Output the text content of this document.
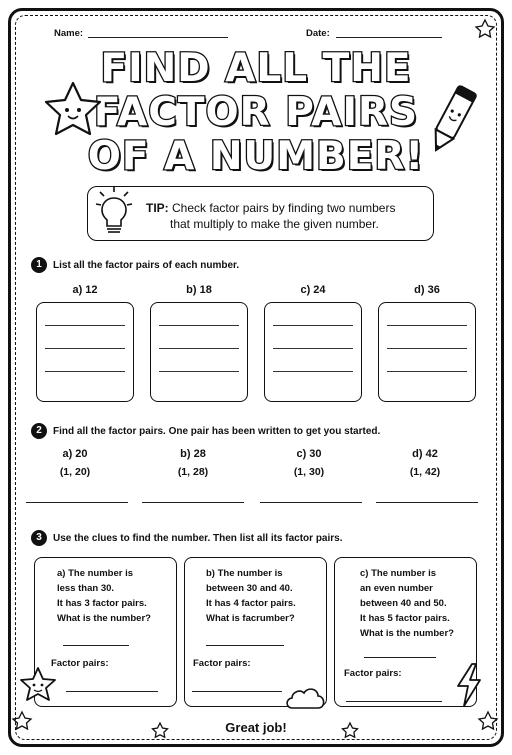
Name:	Date:
FIND ALL THE
FACTOR PAIRS
OF A NUMBER!
TIP: Check factor pairs by finding two numbers
that multiply to make the given number.
1	List all the factor pairs of each number.
a) 12	b) 18	c) 24	d) 36
2	Find all the factor pairs. One pair has been written to get you started.
a) 20
(1, 20)
b) 28
(1, 28)
c) 30
(1, 30)
d) 42
(1, 42)
3	Use the clues to find the number. Then list all its factor pairs.
a) The number is
less than 30.
It has 3 factor pairs.
What is the number?
b) The number is
between 30 and 40.
It has 4 factor pairs.
What is facrumber?
c) The number is
an even number
between 40 and 50.
It has 5 factor pairs.
What is the number?
Factor pairs:	Factor pairs:
Factor pairs:
Great job!
